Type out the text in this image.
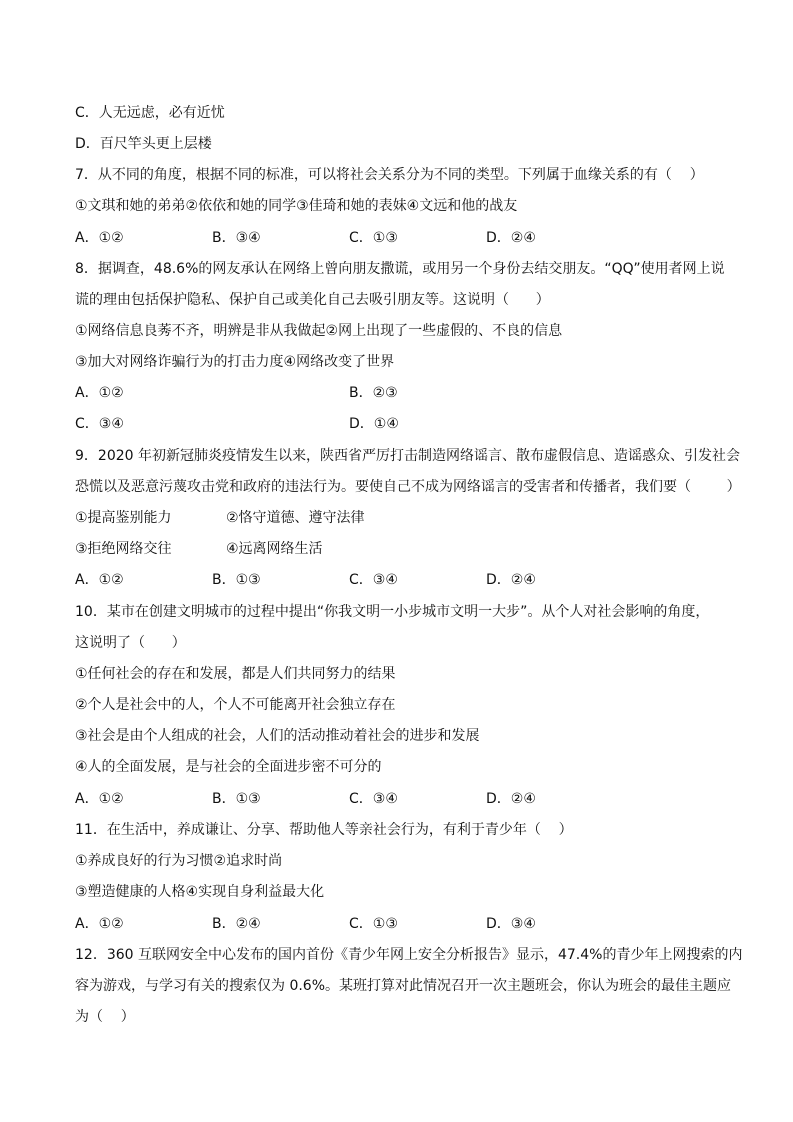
C．人无远虑，必有近忧
D．百尺竿头更上层楼
7．从不同的角度，根据不同的标准，可以将社会关系分为不同的类型。下列属于血缘关系的有（    ）
①文琪和她的弟弟②依依和她的同学③佳琦和她的表妹④文远和他的战友
A．①②	B．③④	C．①③	D．②④
8．据调查，48.6%的网友承认在网络上曾向朋友撒谎，或用另一个身份去结交朋友。“QQ”使用者网上说
谎的理由包括保护隐私、保护自己或美化自己去吸引朋友等。这说明（      ）
①网络信息良莠不齐，明辨是非从我做起②网上出现了一些虚假的、不良的信息
③加大对网络诈骗行为的打击力度④网络改变了世界
A．①②	B．②③
C．③④	D．①④
9．2020 年初新冠肺炎疫情发生以来，陕西省严厉打击制造网络谣言、散布虚假信息、造谣惑众、引发社会
恐慌以及恶意污蔑攻击党和政府的违法行为。要使自己不成为网络谣言的受害者和传播者，我们要（        ）
①提高鉴别能力	②恪守道德、遵守法律
③拒绝网络交往	④远离网络生活
A．①②	B．①③	C．③④	D．②④
10．某市在创建文明城市的过程中提出“你我文明一小步城市文明一大步”。从个人对社会影响的角度，
这说明了（      ）
①任何社会的存在和发展，都是人们共同努力的结果
②个人是社会中的人，个人不可能离开社会独立存在
③社会是由个人组成的社会，人们的活动推动着社会的进步和发展
④人的全面发展，是与社会的全面进步密不可分的
A．①②	B．①③	C．③④	D．②④
11．在生活中，养成谦让、分享、帮助他人等亲社会行为，有利于青少年（    ）
①养成良好的行为习惯②追求时尚
③塑造健康的人格④实现自身利益最大化
A．①②	B．②④	C．①③	D．③④
12．360 互联网安全中心发布的国内首份《青少年网上安全分析报告》显示，47.4%的青少年上网搜索的内
容为游戏，与学习有关的搜索仅为 0.6%。某班打算对此情况召开一次主题班会，你认为班会的最佳主题应
为（    ）
